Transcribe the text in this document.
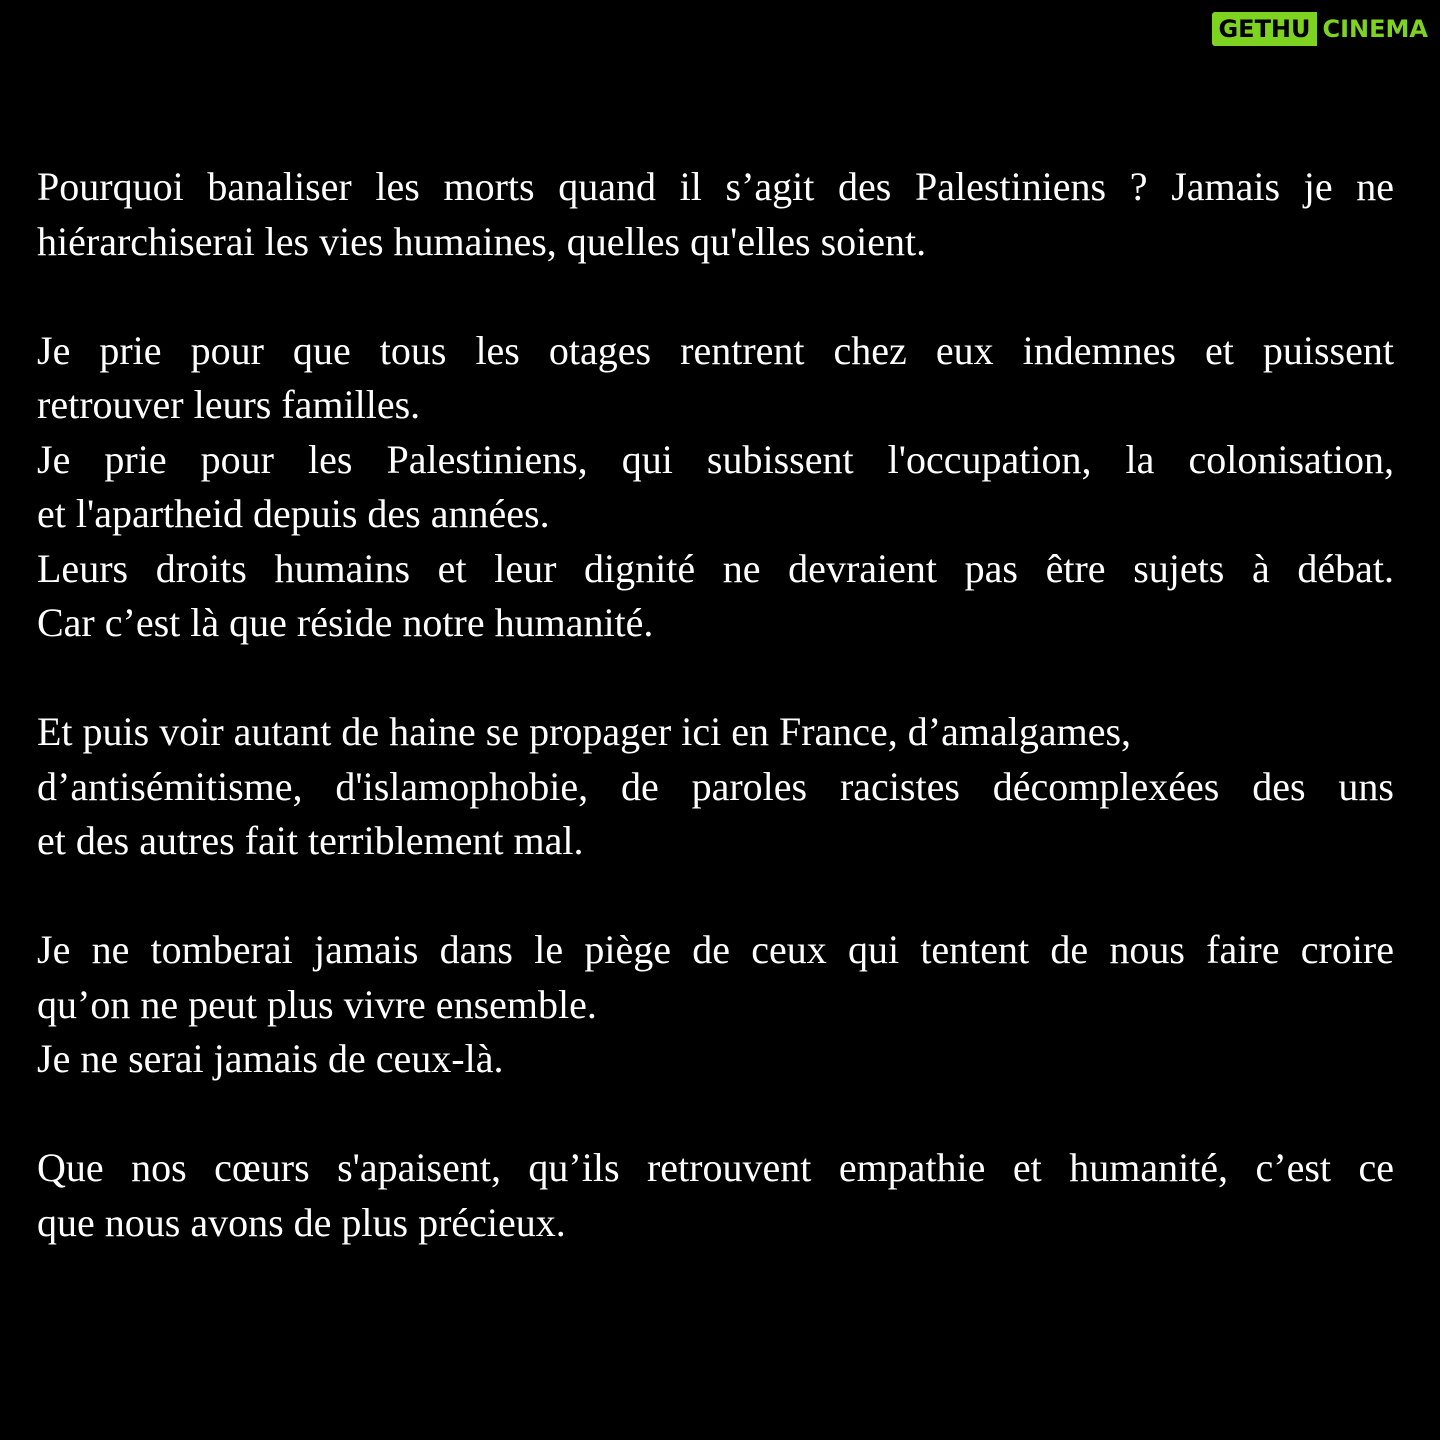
GETHU CINEMA
Pourquoi banaliser les morts quand il s’agit des Palestiniens ? Jamais je ne
hiérarchiserai les vies humaines, quelles qu'elles soient.
Je prie pour que tous les otages rentrent chez eux indemnes et puissent
retrouver leurs familles.
Je prie pour les Palestiniens, qui subissent l'occupation, la colonisation,
et l'apartheid depuis des années.
Leurs droits humains et leur dignité ne devraient pas être sujets à débat.
Car c’est là que réside notre humanité.
Et puis voir autant de haine se propager ici en France, d’amalgames,
d’antisémitisme, d'islamophobie, de paroles racistes décomplexées des uns
et des autres fait terriblement mal.
Je ne tomberai jamais dans le piège de ceux qui tentent de nous faire croire
qu’on ne peut plus vivre ensemble.
Je ne serai jamais de ceux-là.
Que nos cœurs s'apaisent, qu’ils retrouvent empathie et humanité, c’est ce
que nous avons de plus précieux.
